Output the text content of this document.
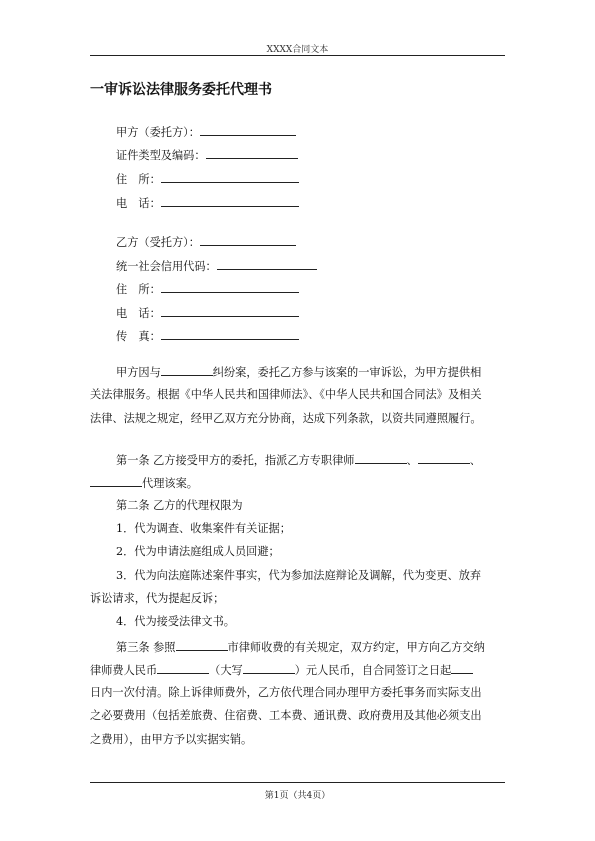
XXXX合同文本
一审诉讼法律服务委托代理书
甲方（委托方）：
证件类型及编码：
住　所：
电　话：
乙方（受托方）：
统一社会信用代码：
住　所：
电　话：
传　真：
甲方因与	纠纷案，委托乙方参与该案的一审诉讼，为甲方提供相
关法律服务。根据《中华人民共和国律师法》、《中华人民共和国合同法》及相关
法律、法规之规定，经甲乙双方充分协商，达成下列条款，以资共同遵照履行。
第一条 乙方接受甲方的委托，指派乙方专职律师	、	、
代理该案。
第二条 乙方的代理权限为
1．代为调查、收集案件有关证据；
2．代为申请法庭组成人员回避；
3．代为向法庭陈述案件事实，代为参加法庭辩论及调解，代为变更、放弃
诉讼请求，代为提起反诉；
4．代为接受法律文书。
第三条 参照	市律师收费的有关规定，双方约定，甲方向乙方交纳
律师费人民币	（大写	）元人民币，自合同签订之日起
日内一次付清。除上诉律师费外，乙方依代理合同办理甲方委托事务而实际支出
之必要费用（包括差旅费、住宿费、工本费、通讯费、政府费用及其他必须支出
之费用），由甲方予以实据实销。
第1页（共4页）
